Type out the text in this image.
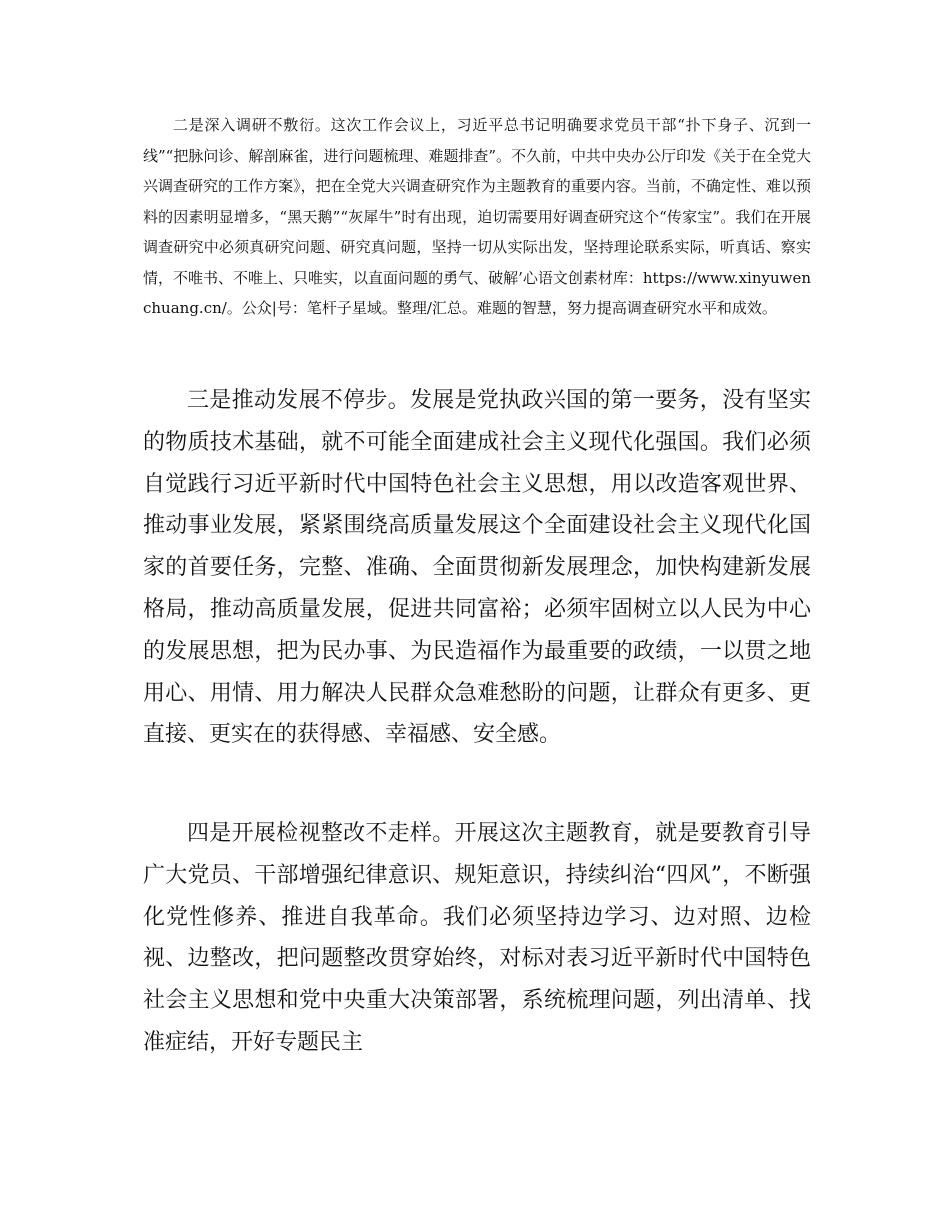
二是深入调研不敷衍。这次工作会议上，习近平总书记明确要求党员干部“扑下身子、沉到一线”“把脉问诊、解剖麻雀，进行问题梳理、难题排查”。不久前，中共中央办公厅印发《关于在全党大兴调查研究的工作方案》，把在全党大兴调查研究作为主题教育的重要内容。当前，不确定性、难以预料的因素明显增多，“黑天鹅”“灰犀牛”时有出现，迫切需要用好调查研究这个“传家宝”。我们在开展调查研究中必须真研究问题、研究真问题，坚持一切从实际出发，坚持理论联系实际，听真话、察实情，不唯书、不唯上、只唯实，以直面问题的勇气、破解’心语文创素材库：https://www.xinyuwenchuang.cn/。公众|号：笔杆子星域。整理/汇总。难题的智慧，努力提高调查研究水平和成效。

三是推动发展不停步。发展是党执政兴国的第一要务，没有坚实的物质技术基础，就不可能全面建成社会主义现代化强国。我们必须自觉践行习近平新时代中国特色社会主义思想，用以改造客观世界、推动事业发展，紧紧围绕高质量发展这个全面建设社会主义现代化国家的首要任务，完整、准确、全面贯彻新发展理念，加快构建新发展格局，推动高质量发展，促进共同富裕；必须牢固树立以人民为中心的发展思想，把为民办事、为民造福作为最重要的政绩，一以贯之地用心、用情、用力解决人民群众急难愁盼的问题，让群众有更多、更直接、更实在的获得感、幸福感、安全感。

四是开展检视整改不走样。开展这次主题教育，就是要教育引导广大党员、干部增强纪律意识、规矩意识，持续纠治“四风”，不断强化党性修养、推进自我革命。我们必须坚持边学习、边对照、边检视、边整改，把问题整改贯穿始终，对标对表习近平新时代中国特色社会主义思想和党中央重大决策部署，系统梳理问题，列出清单、找准症结，开好专题民主
